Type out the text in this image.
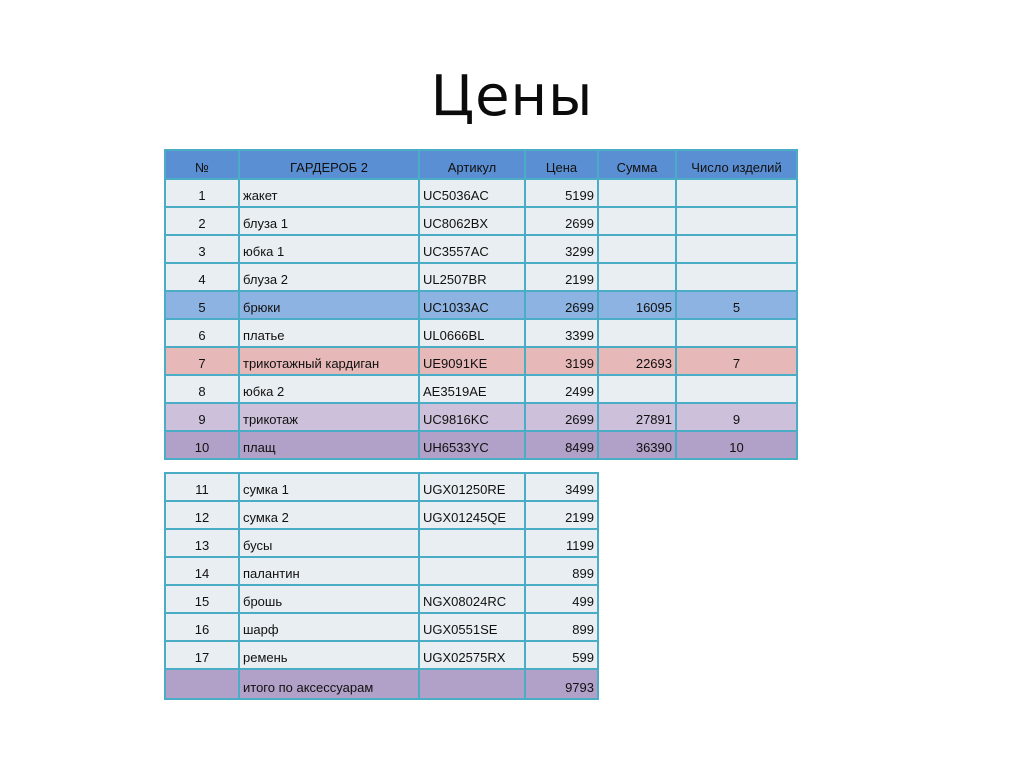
Цены
№	ГАРДЕРОБ 2	Артикул	Цена	Сумма	Число изделий
1	жакет	UC5036AC	5199		
2	блуза 1	UC8062BX	2699		
3	юбка 1	UC3557AC	3299		
4	блуза 2	UL2507BR	2199		
5	брюки	UC1033AC	2699	16095	5
6	платье	UL0666BL	3399		
7	трикотажный кардиган	UE9091KE	3199	22693	7
8	юбка 2	AE3519AE	2499		
9	трикотаж	UC9816KC	2699	27891	9
10	плащ	UH6533YC	8499	36390	10
11	сумка 1	UGX01250RE	3499
12	сумка 2	UGX01245QE	2199
13	бусы		1199
14	палантин		899
15	брошь	NGX08024RC	499
16	шарф	UGX0551SE	899
17	ремень	UGX02575RX	599
	итого по аксессуарам		9793
